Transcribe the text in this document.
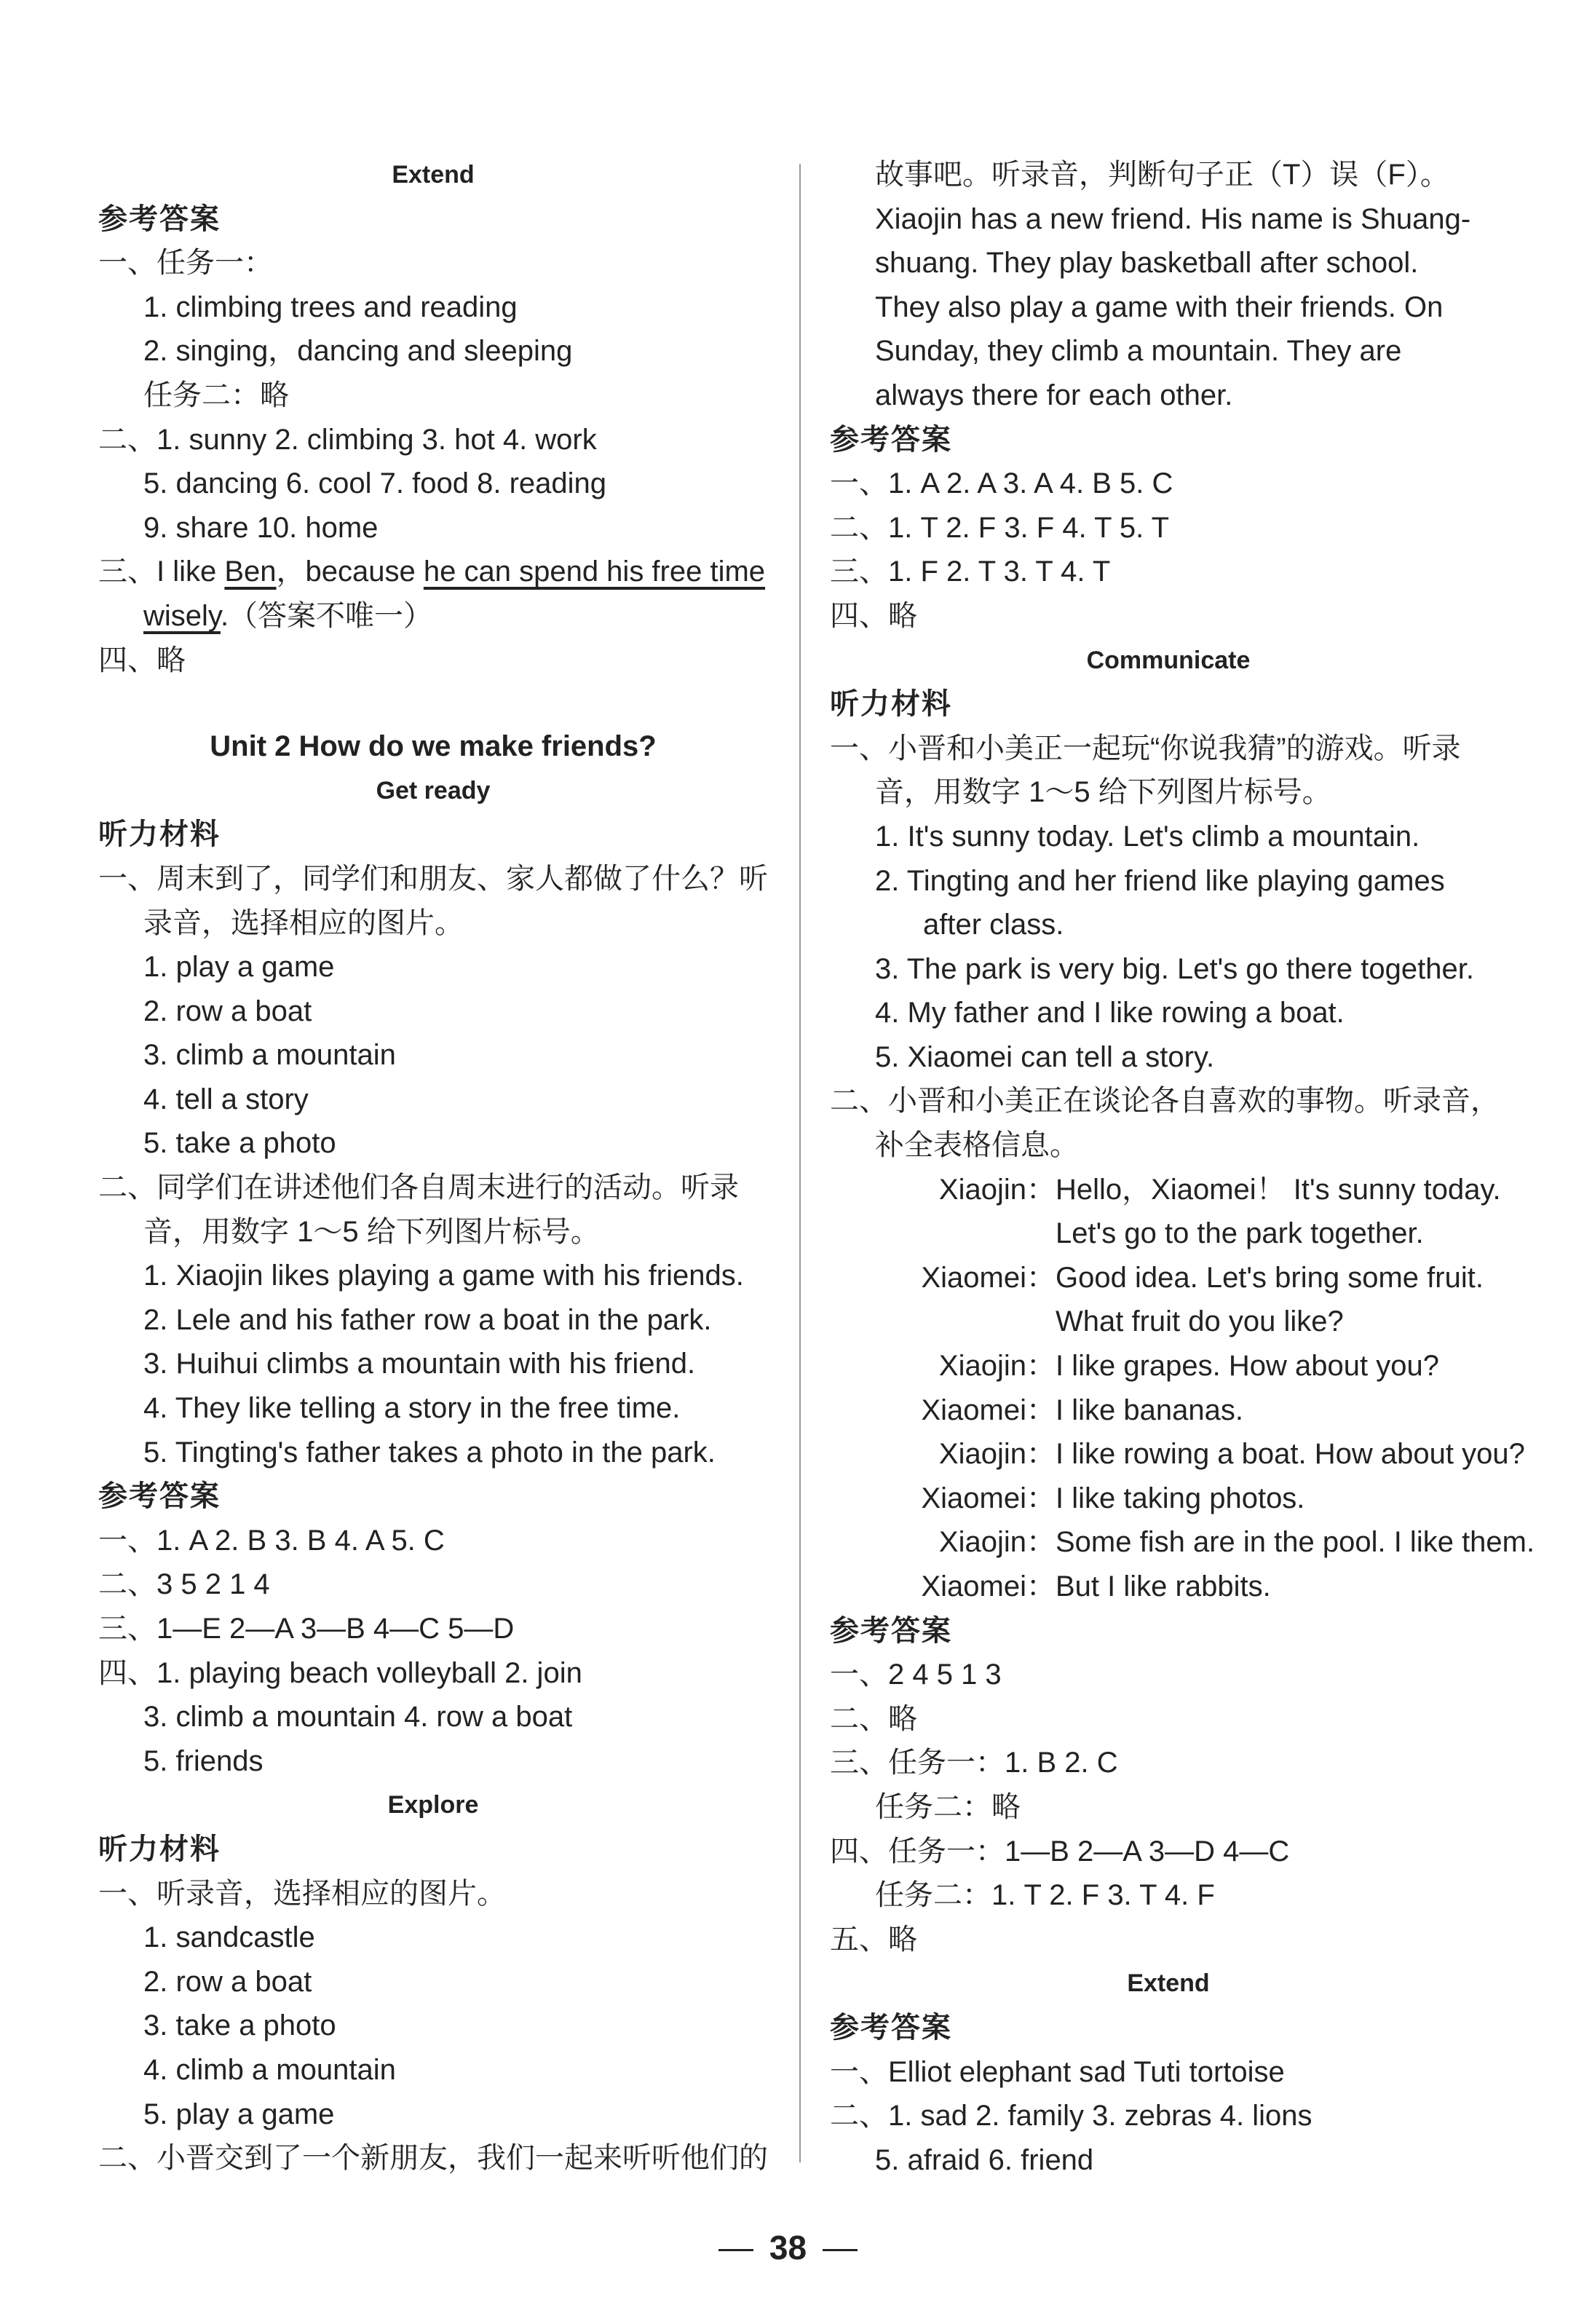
Extend
参考答案
一、任务一：
1. climbing trees and reading
2. singing，dancing and sleeping
任务二：略
二、1. sunny 2. climbing 3. hot 4. work
5. dancing 6. cool 7. food 8. reading
9. share 10. home
三、I like Ben，because he can spend his free time
wisely.（答案不唯一）
四、略
Unit 2 How do we make friends?
Get ready
听力材料
一、周末到了，同学们和朋友、家人都做了什么？听
录音，选择相应的图片。
1. play a game
2. row a boat
3. climb a mountain
4. tell a story
5. take a photo
二、同学们在讲述他们各自周末进行的活动。听录
音，用数字 1～5 给下列图片标号。
1. Xiaojin likes playing a game with his friends.
2. Lele and his father row a boat in the park.
3. Huihui climbs a mountain with his friend.
4. They like telling a story in the free time.
5. Tingting's father takes a photo in the park.
参考答案
一、1. A 2. B 3. B 4. A 5. C
二、3 5 2 1 4
三、1—E 2—A 3—B 4—C 5—D
四、1. playing beach volleyball 2. join
3. climb a mountain 4. row a boat
5. friends
Explore
听力材料
一、听录音，选择相应的图片。
1. sandcastle
2. row a boat
3. take a photo
4. climb a mountain
5. play a game
二、小晋交到了一个新朋友，我们一起来听听他们的
故事吧。听录音，判断句子正（T）误（F）。
Xiaojin has a new friend. His name is Shuang-
shuang. They play basketball after school.
They also play a game with their friends. On
Sunday, they climb a mountain. They are
always there for each other.
参考答案
一、1. A 2. A 3. A 4. B 5. C
二、1. T 2. F 3. F 4. T 5. T
三、1. F 2. T 3. T 4. T
四、略
Communicate
听力材料
一、小晋和小美正一起玩“你说我猜”的游戏。听录
音，用数字 1～5 给下列图片标号。
1. It's sunny today. Let's climb a mountain.
2. Tingting and her friend like playing games
after class.
3. The park is very big. Let's go there together.
4. My father and I like rowing a boat.
5. Xiaomei can tell a story.
二、小晋和小美正在谈论各自喜欢的事物。听录音，
补全表格信息。
Xiaojin ： Hello，Xiaomei！ It's sunny today.

Let's go to the park together.
Xiaomei ： Good idea. Let's bring some fruit.

What fruit do you like?
Xiaojin ： I like grapes. How about you?
Xiaomei ： I like bananas.
Xiaojin ： I like rowing a boat. How about you?
Xiaomei ： I like taking photos.
Xiaojin ： Some fish are in the pool. I like them.
Xiaomei ： But I like rabbits.
参考答案
一、2 4 5 1 3
二、略
三、任务一：1. B 2. C
任务二：略
四、任务一：1—B 2—A 3—D 4—C
任务二：1. T 2. F 3. T 4. F
五、略
Extend
参考答案
一、Elliot elephant sad Tuti tortoise
二、1. sad 2. family 3. zebras 4. lions
5. afraid 6. friend
38
